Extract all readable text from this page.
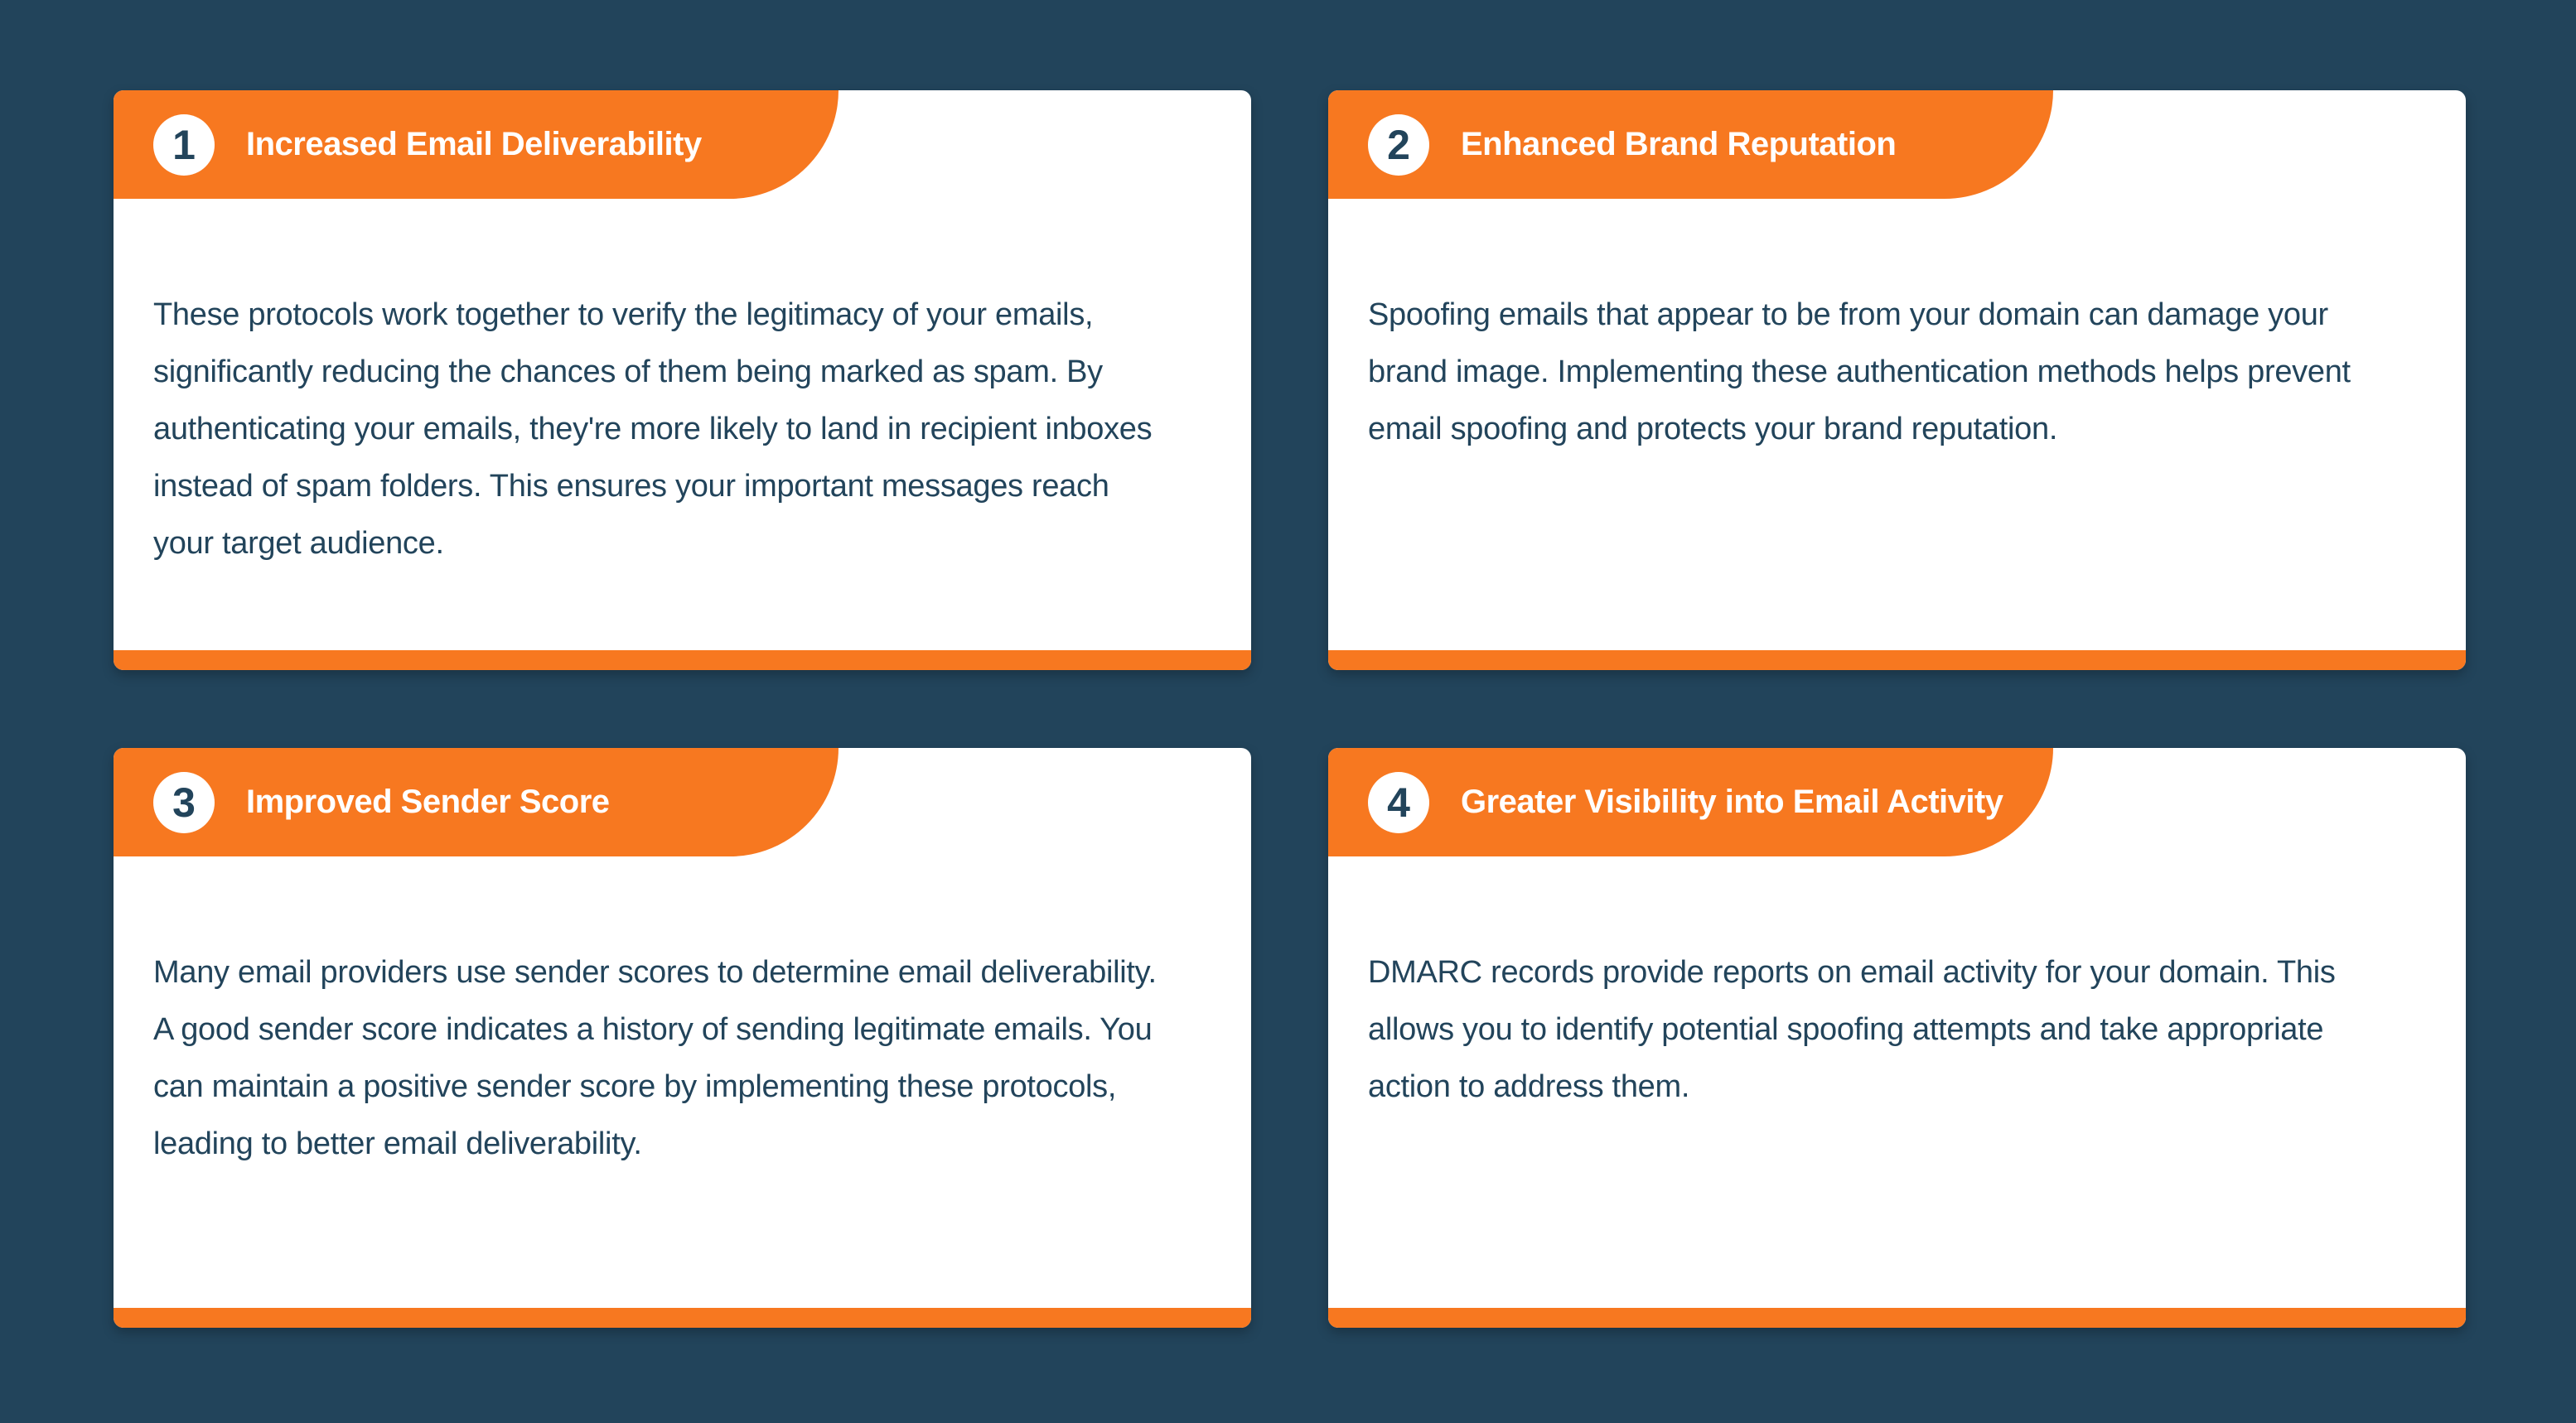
1	Increased Email Deliverability
These protocols work together to verify the legitimacy of your emails, significantly reducing the chances of them being marked as spam. By authenticating your emails, they're more likely to land in recipient inboxes instead of spam folders. This ensures your important messages reach your target audience.
2	Enhanced Brand Reputation
Spoofing emails that appear to be from your domain can damage your brand image. Implementing these authentication methods helps prevent email spoofing and protects your brand reputation.
3	Improved Sender Score
Many email providers use sender scores to determine email deliverability. A good sender score indicates a history of sending legitimate emails. You can maintain a positive sender score by implementing these protocols, leading to better email deliverability.
4	Greater Visibility into Email Activity
DMARC records provide reports on email activity for your domain. This allows you to identify potential spoofing attempts and take appropriate action to address them.
